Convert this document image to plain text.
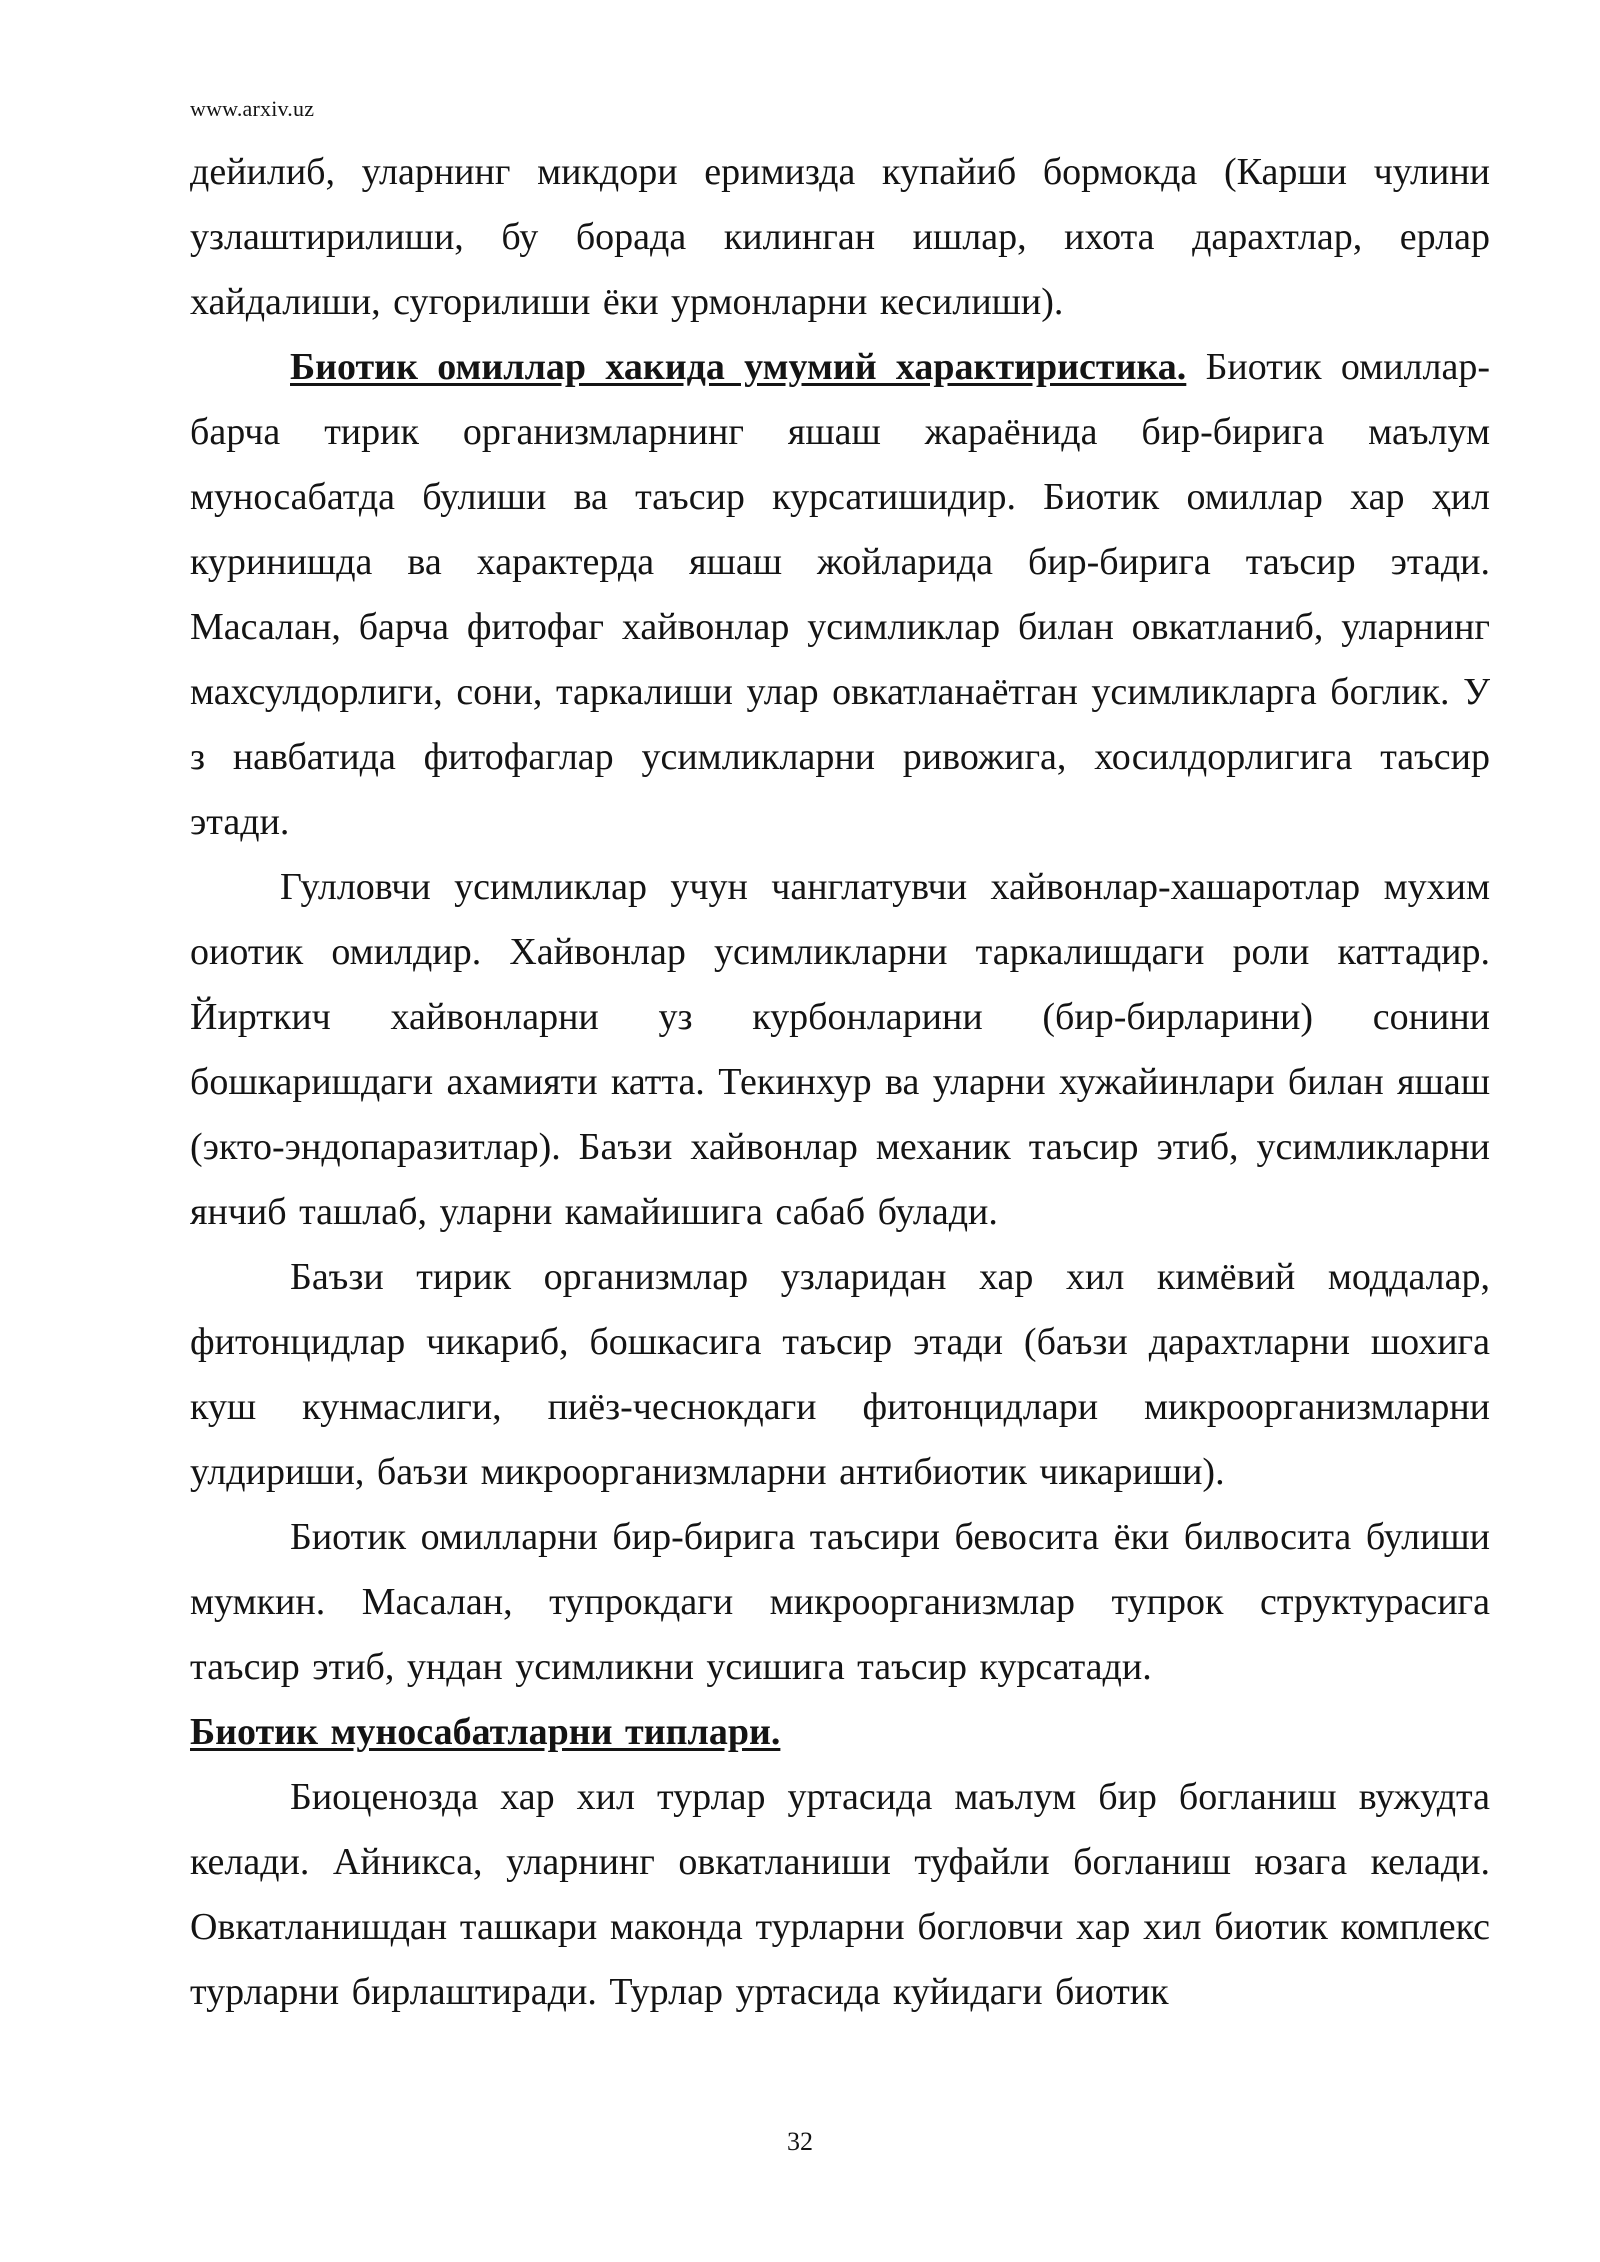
www.arxiv.uz

дейилиб, уларнинг микдори еримизда купайиб бормокда (Карши чулини узлаштирилиши, бу борада килинган ишлар, ихота дарахтлар, ерлар хайдалиши, сугорилиши ёки урмонларни кесилиши).

Биотик омиллар хакида умумий характиристика. Биотик омиллар-барча тирик организмларнинг яшаш жараёнида бир-бирига маълум муносабатда булиши ва таъсир курсатишидир. Биотик омиллар хар ҳил куринишда ва характерда яшаш жойларида бир-бирига таъсир этади. Масалан, барча фитофаг хайвонлар усимликлар билан овкатланиб, уларнинг махсулдорлиги, сони, таркалиши улар овкатланаётган усимликларга боглик. У з навбатида фитофаглар усимликларни ривожига, хосилдорлигига таъсир этади.

Гулловчи усимликлар учун чанглатувчи хайвонлар-хашаротлар мухим оиотик омилдир. Хайвонлар усимликларни таркалишдаги роли каттадир. Йирткич хайвонларни уз курбонларини (бир-бирларини) сонини бошкаришдаги ахамияти катта. Текинхур ва уларни хужайинлари билан яшаш (экто-эндопаразитлар). Баъзи хайвонлар механик таъсир этиб, усимликларни янчиб ташлаб, уларни камайишига сабаб булади.

Баъзи тирик организмлар узларидан хар хил кимёвий моддалар, фитонцидлар чикариб, бошкасига таъсир этади (баъзи дарахтларни шохига куш кунмаслиги, пиёз-чеснокдаги фитонцидлари микроорганизмларни улдириши, баъзи микроорганизмларни антибиотик чикариши).

Биотик омилларни бир-бирига таъсири бевосита ёки билвосита булиши мумкин. Масалан, тупрокдаги микроорганизмлар тупрок структурасига таъсир этиб, ундан усимликни усишига таъсир курсатади.

Биотик муносабатларни типлари.

Биоценозда хар хил турлар уртасида маълум бир богланиш вужудта келади. Айникса, уларнинг овкатланиши туфайли богланиш юзага келади. Овкатланишдан ташкари маконда турларни богловчи хар хил биотик комплекс турларни бирлаштиради. Турлар уртасида куйидаги биотик

32
